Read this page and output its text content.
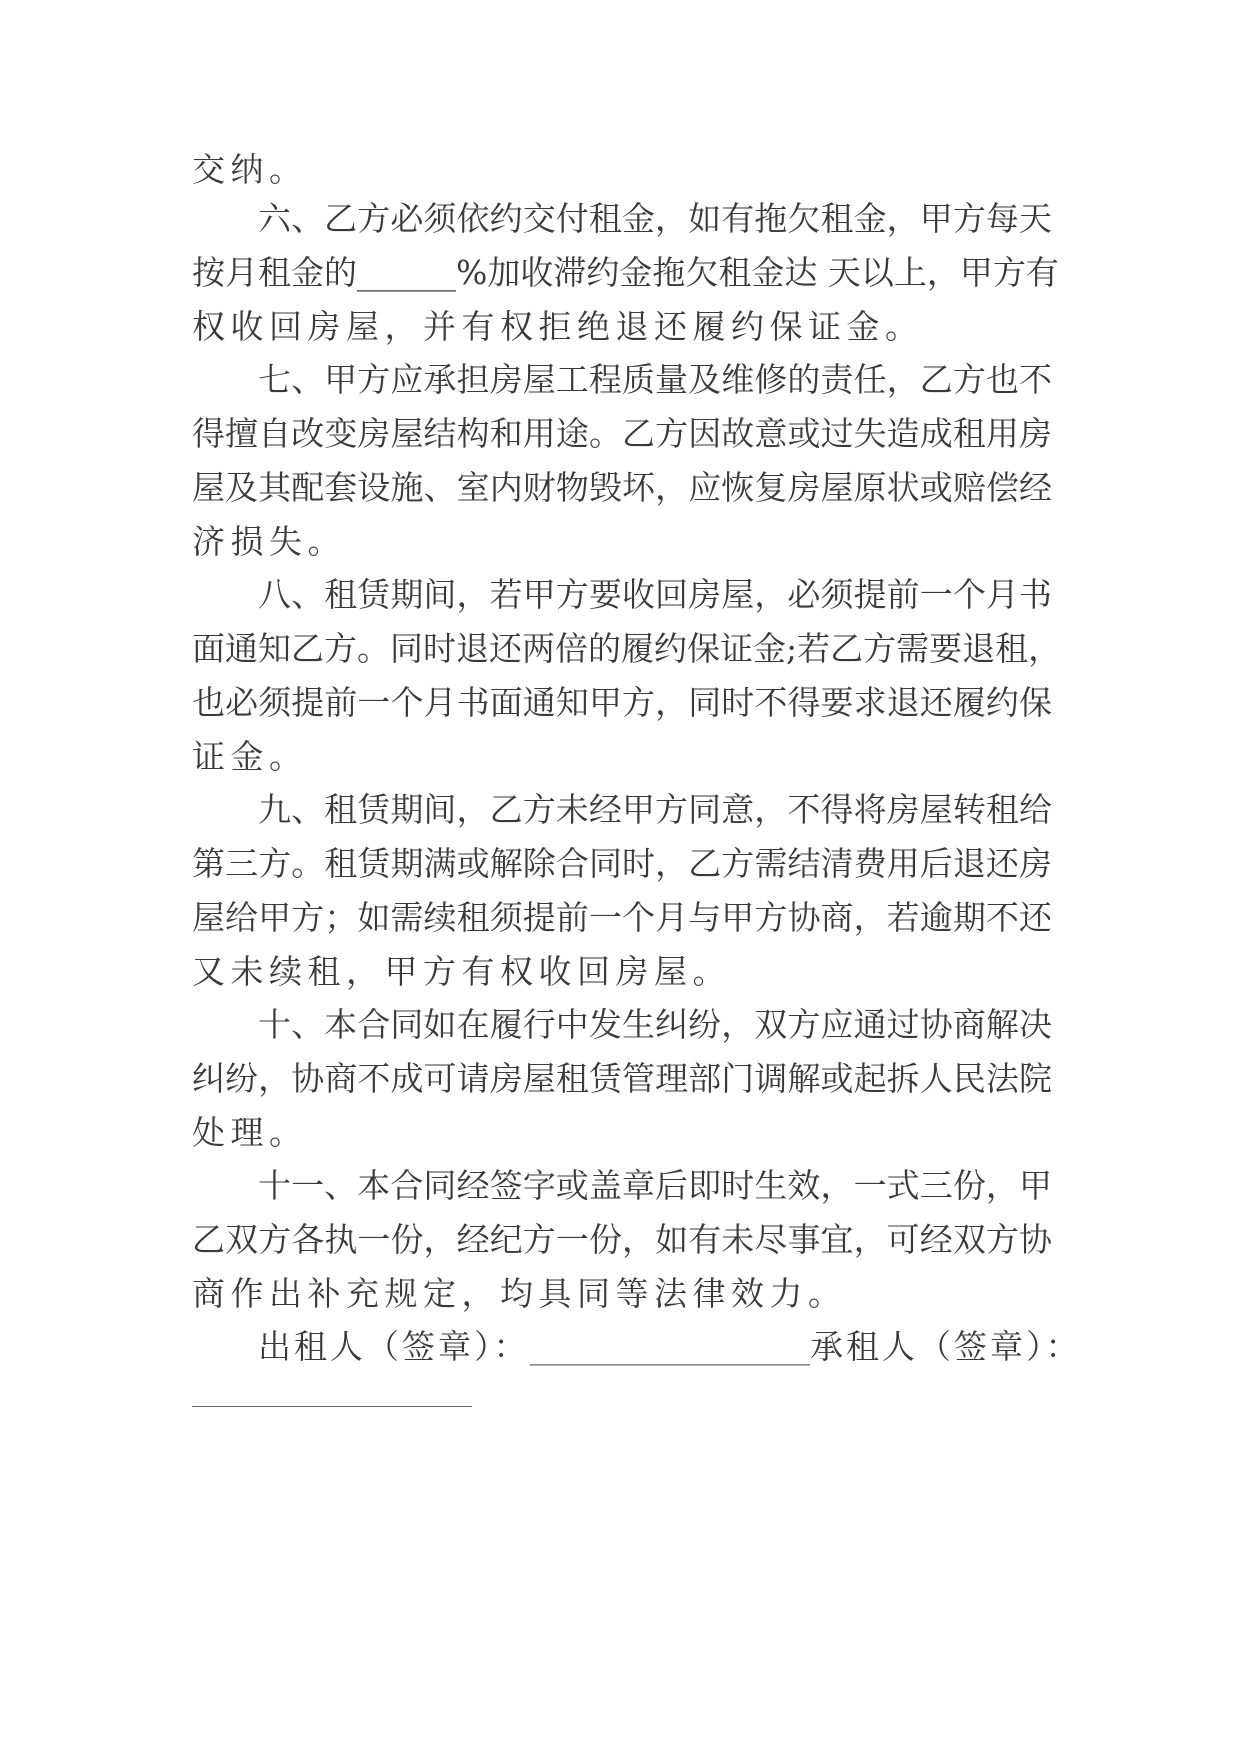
交纳。
六、乙方必须依约交付租金，如有拖欠租金，甲方每天
按月租金的______%加收滞约金拖欠租金达 天以上，甲方有
权收回房屋，并有权拒绝退还履约保证金。
七、甲方应承担房屋工程质量及维修的责任，乙方也不
得擅自改变房屋结构和用途。乙方因故意或过失造成租用房
屋及其配套设施、室内财物毁坏，应恢复房屋原状或赔偿经
济损失。
八、租赁期间，若甲方要收回房屋，必须提前一个月书
面通知乙方。同时退还两倍的履约保证金;若乙方需要退租，
也必须提前一个月书面通知甲方，同时不得要求退还履约保
证金。
九、租赁期间，乙方未经甲方同意，不得将房屋转租给
第三方。租赁期满或解除合同时，乙方需结清费用后退还房
屋给甲方；如需续租须提前一个月与甲方协商，若逾期不还
又未续租，甲方有权收回房屋。
十、本合同如在履行中发生纠纷，双方应通过协商解决
纠纷，协商不成可请房屋租赁管理部门调解或起拆人民法院
处理。
十一、本合同经签字或盖章后即时生效，一式三份，甲
乙双方各执一份，经纪方一份，如有未尽事宜，可经双方协
商作出补充规定，均具同等法律效力。
出租人（签章）：_________________承租人（签章）：
